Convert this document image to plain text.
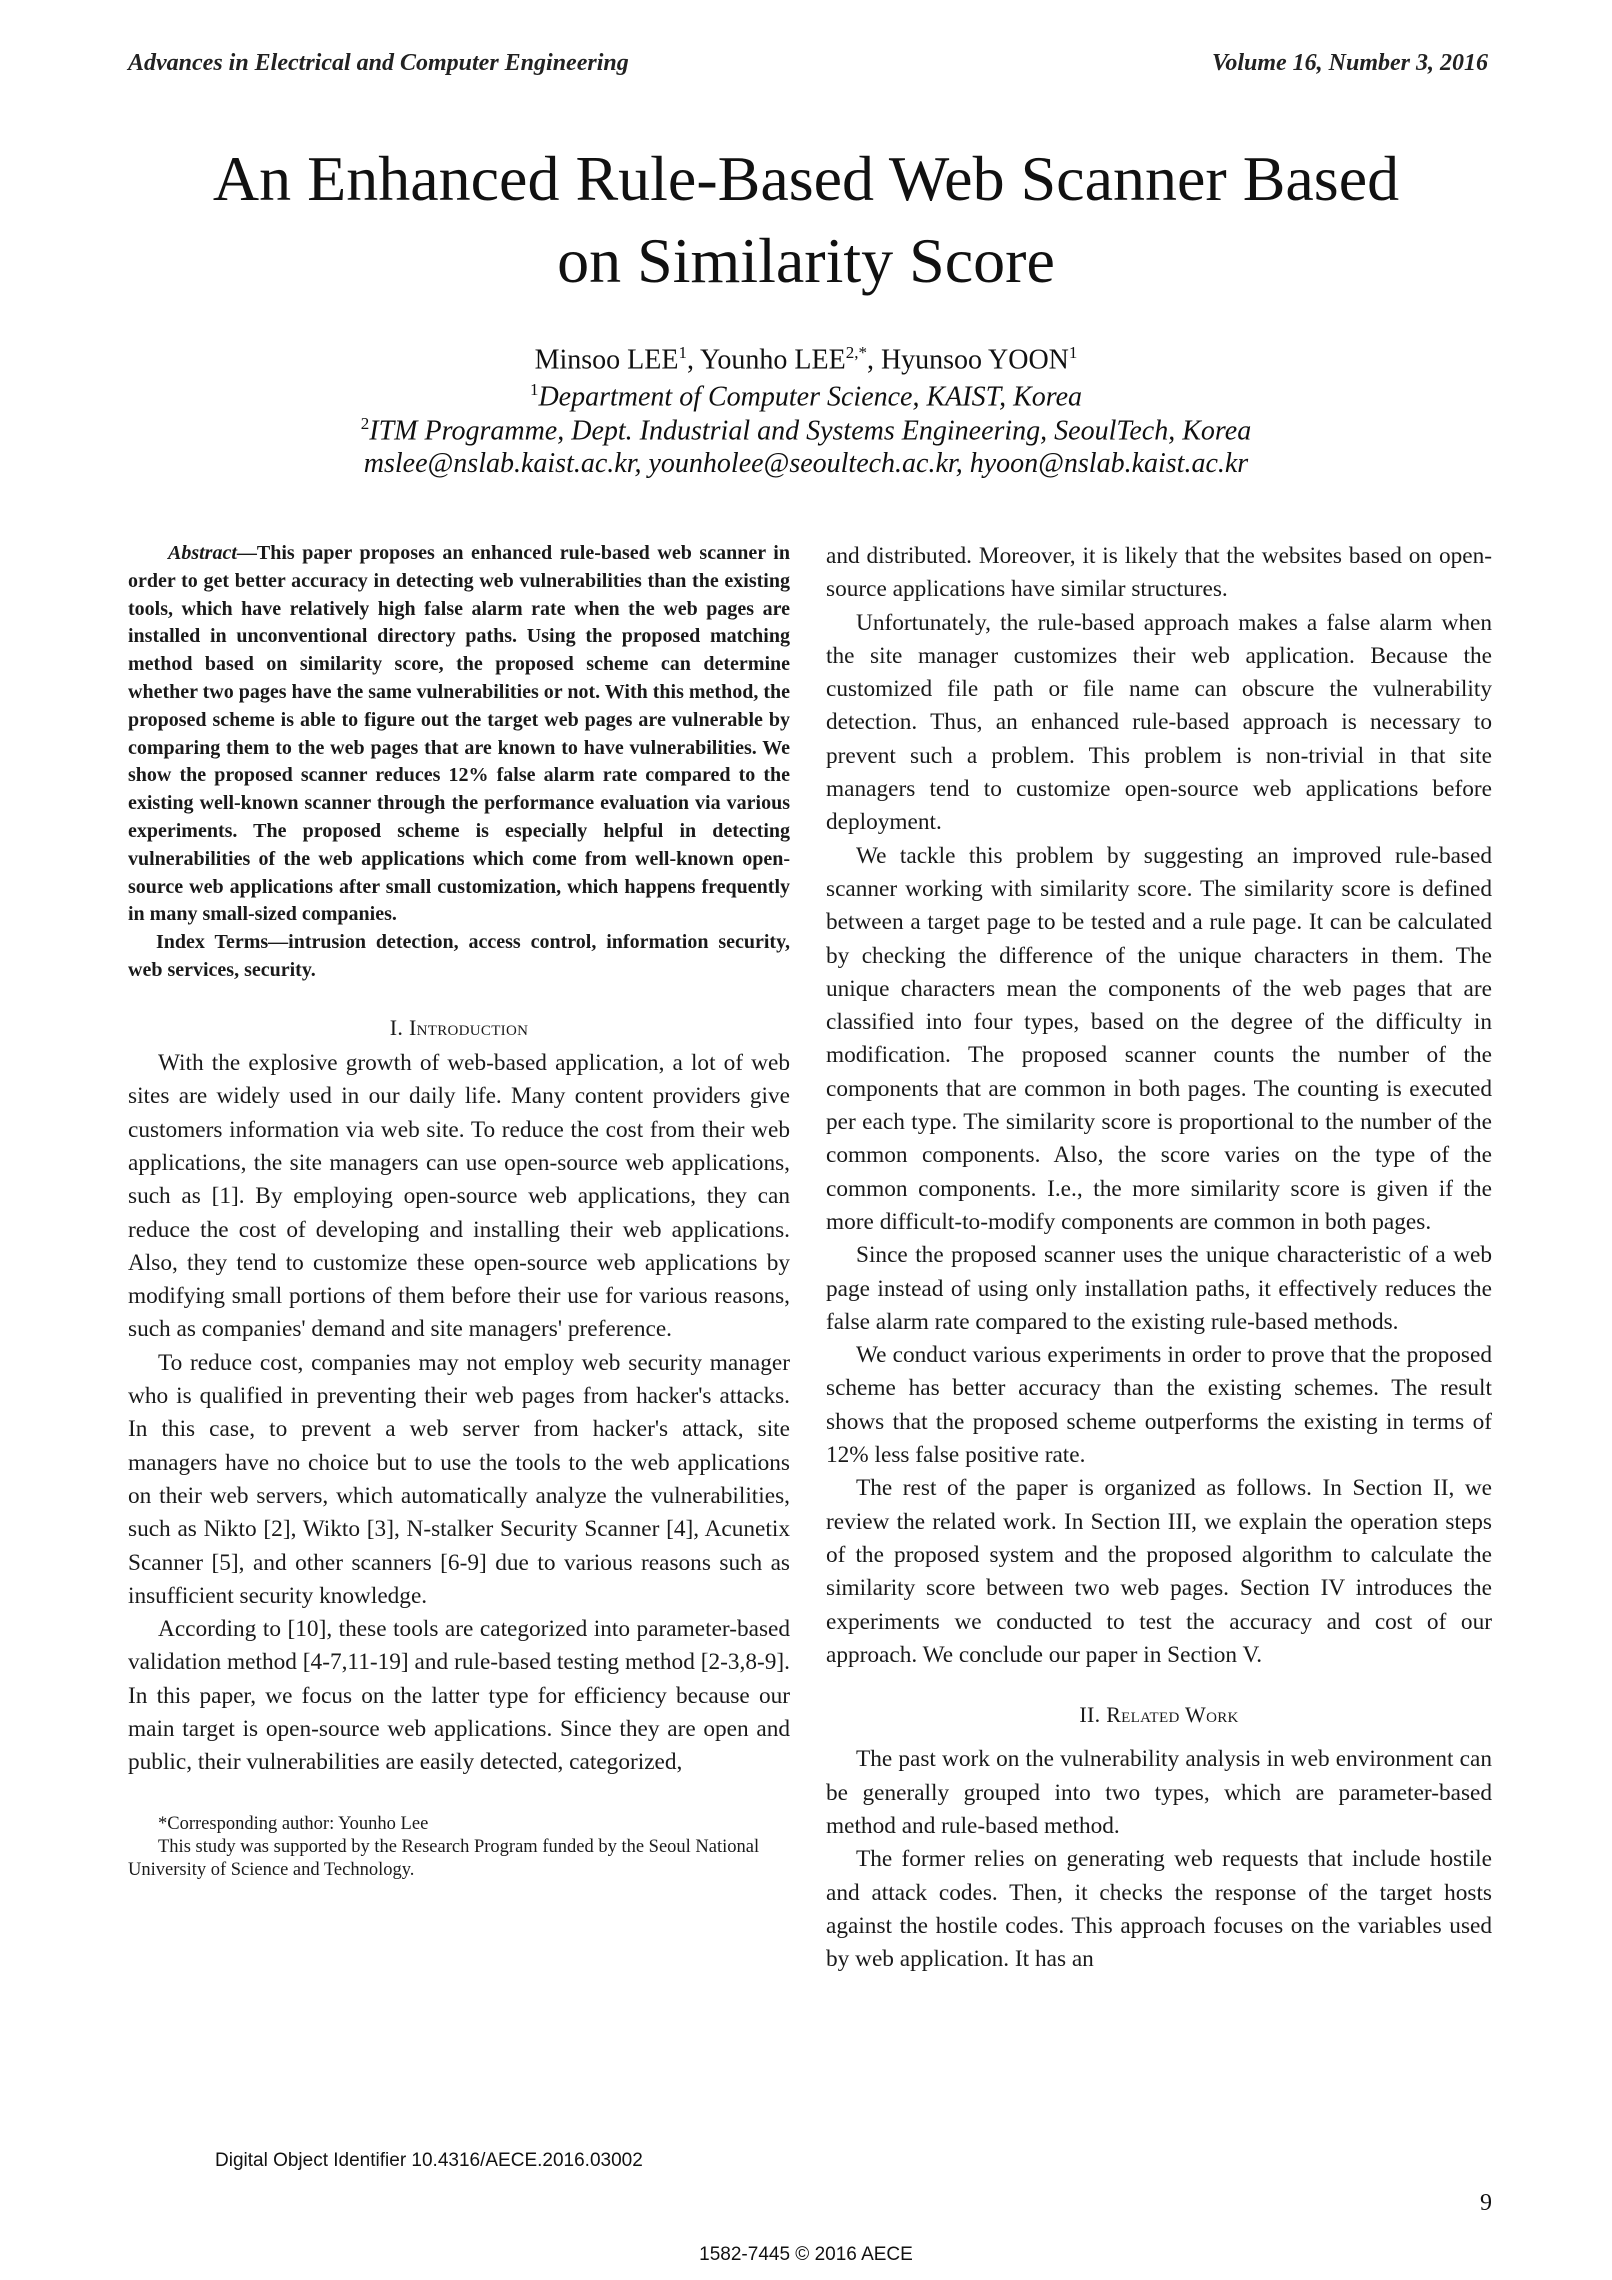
Advances in Electrical and Computer Engineering	Volume 16, Number 3, 2016
An Enhanced Rule-Based Web Scanner Based
on Similarity Score
Minsoo LEE$^1$, Younho $LEE^{2,*}$, Hyunsoo YOON$^1$
$^1$Department of Computer Science, KAIST, Korea
$^2$ITM Programme, Dept. Industrial and Systems Engineering, SeoulTech, Korea
mslee@nslab.kaist.ac.kr, younholee@seoultech.ac.kr, hyoon@nslab.kaist.ac.kr

Abstract—This paper proposes an enhanced rule-based web scanner in order to get better accuracy in detecting web vulnerabilities than the existing tools, which have relatively high false alarm rate when the web pages are installed in unconventional directory paths. Using the proposed matching method based on similarity score, the proposed scheme can determine whether two pages have the same vulnerabilities or not. With this method, the proposed scheme is able to figure out the target web pages are vulnerable by comparing them to the web pages that are known to have vulnerabilities. We show the proposed scanner reduces 12% false alarm rate compared to the existing well-known scanner through the performance evaluation via various experiments. The proposed scheme is especially helpful in detecting vulnerabilities of the web applications which come from well-known open-source web applications after small customization, which happens frequently in many small-sized companies.

Index Terms—intrusion detection, access control, information security, web services, security.

I. Introduction

With the explosive growth of web-based application, a lot of web sites are widely used in our daily life. Many content providers give customers information via web site. To reduce the cost from their web applications, the site managers can use open-source web applications, such as [1]. By employing open-source web applications, they can reduce the cost of developing and installing their web applications. Also, they tend to customize these open-source web applications by modifying small portions of them before their use for various reasons, such as companies' demand and site managers' preference.

To reduce cost, companies may not employ web security manager who is qualified in preventing their web pages from hacker's attacks. In this case, to prevent a web server from hacker's attack, site managers have no choice but to use the tools to the web applications on their web servers, which automatically analyze the vulnerabilities, such as Nikto [2], Wikto [3], N-stalker Security Scanner [4], Acunetix Scanner [5], and other scanners [6-9] due to various reasons such as insufficient security knowledge.

According to [10], these tools are categorized into parameter-based validation method [4-7,11-19] and rule-based testing method [2-3,8-9]. In this paper, we focus on the latter type for efficiency because our main target is open-source web applications. Since they are open and public, their vulnerabilities are easily detected, categorized,

*Corresponding author: Younho Lee

This study was supported by the Research Program funded by the Seoul National University of Science and Technology.

and distributed. Moreover, it is likely that the websites based on open-source applications have similar structures.

Unfortunately, the rule-based approach makes a false alarm when the site manager customizes their web application. Because the customized file path or file name can obscure the vulnerability detection. Thus, an enhanced rule-based approach is necessary to prevent such a problem. This problem is non-trivial in that site managers tend to customize open-source web applications before deployment.

We tackle this problem by suggesting an improved rule-based scanner working with similarity score. The similarity score is defined between a target page to be tested and a rule page. It can be calculated by checking the difference of the unique characters in them. The unique characters mean the components of the web pages that are classified into four types, based on the degree of the difficulty in modification. The proposed scanner counts the number of the components that are common in both pages. The counting is executed per each type. The similarity score is proportional to the number of the common components. Also, the score varies on the type of the common components. I.e., the more similarity score is given if the more difficult-to-modify components are common in both pages.

Since the proposed scanner uses the unique characteristic of a web page instead of using only installation paths, it effectively reduces the false alarm rate compared to the existing rule-based methods.

We conduct various experiments in order to prove that the proposed scheme has better accuracy than the existing schemes. The result shows that the proposed scheme outperforms the existing in terms of 12% less false positive rate.

The rest of the paper is organized as follows. In Section II, we review the related work. In Section III, we explain the operation steps of the proposed system and the proposed algorithm to calculate the similarity score between two web pages. Section IV introduces the experiments we conducted to test the accuracy and cost of our approach. We conclude our paper in Section V.

II. Related Work

The past work on the vulnerability analysis in web environment can be generally grouped into two types, which are parameter-based method and rule-based method.

The former relies on generating web requests that include hostile and attack codes. Then, it checks the response of the target hosts against the hostile codes. This approach focuses on the variables used by web application. It has an

Digital Object Identifier 10.4316/AECE.2016.03002
9
1582-7445 © 2016 AECE
